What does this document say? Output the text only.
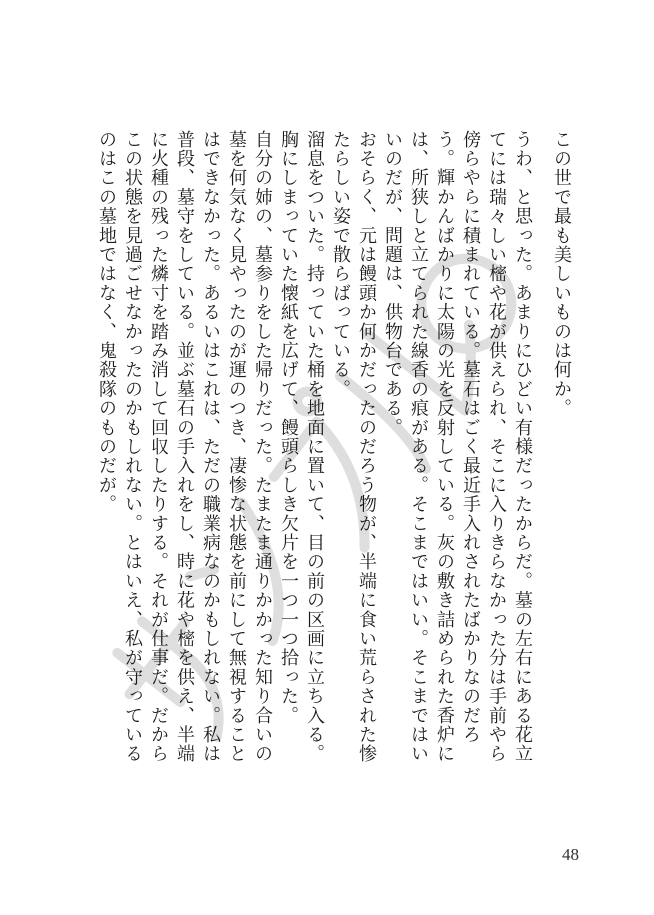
この世で最も美しいものは何か。

うわ、と思った。あまりにひどい有様だったからだ。墓の左右にある花立てには瑞々しい樒や花が供えられ、そこに入りきらなかった分は手前やら傍らやらに積まれている。墓石はごく最近手入れされたばかりなのだろう。輝かんばかりに太陽の光を反射している。灰の敷き詰められた香炉には、所狭しと立てられた線香の痕がある。そこまではいい。そこまではいいのだが、問題は、供物台である。

おそらく、元は饅頭か何かだったのだろう物が、半端に食い荒らされた惨たらしい姿で散らばっている。

溜息をついた。持っていた桶を地面に置いて、目の前の区画に立ち入る。胸にしまっていた懐紙を広げて、饅頭らしき欠片を一つ一つ拾った。

自分の姉の、墓参りをした帰りだった。たまたま通りかかった知り合いの墓を何気なく見やったのが運のつき、凄惨な状態を前にして無視することはできなかった。あるいはこれは、ただの職業病なのかもしれない。私は普段、墓守をしている。並ぶ墓石の手入れをし、時に花や樒を供え、半端に火種の残った燐寸を踏み消して回収したりする。それが仕事だ。だからこの状態を見過ごせなかったのかもしれない。とはいえ、私が守っているのはこの墓地ではなく、鬼殺隊のものだが。

48
